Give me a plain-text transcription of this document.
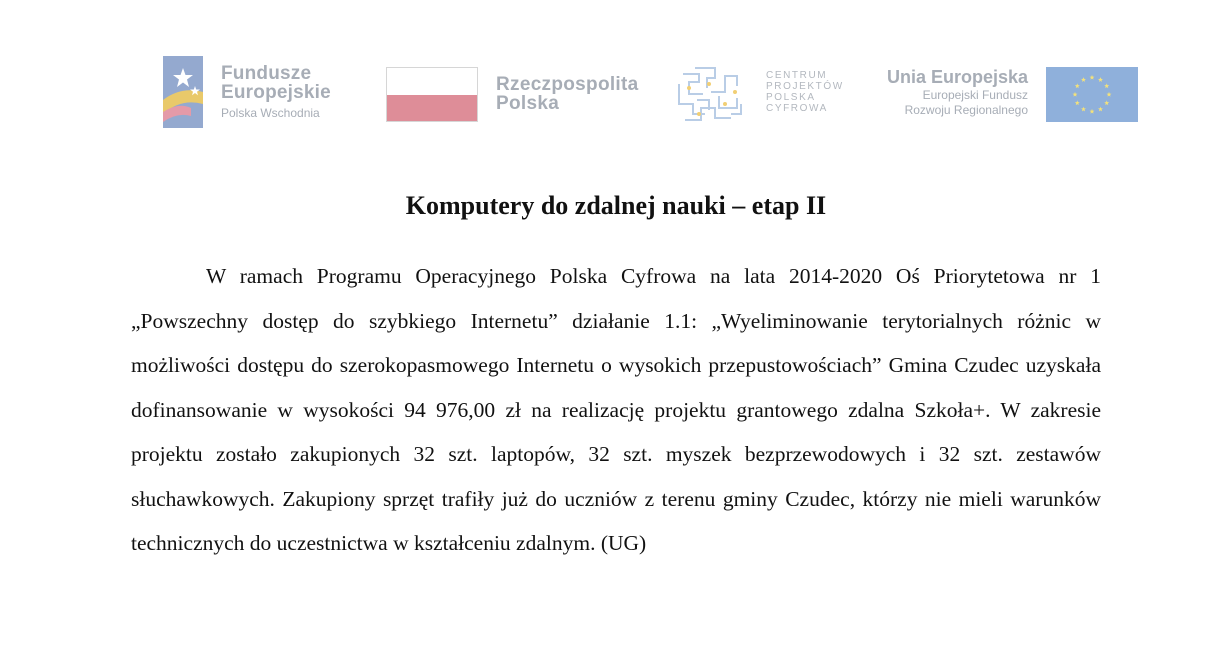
Fundusze
Europejskie
Polska Wschodnia
Rzeczpospolita
Polska
CENTRUM
PROJEKTÓW
POLSKA
CYFROWA
Unia Europejska
Europejski Fundusz
Rozwoju Regionalnego
Komputery do zdalnej nauki – etap II

W ramach Programu Operacyjnego Polska Cyfrowa na lata 2014-2020 Oś Priorytetowa nr 1 „Powszechny dostęp do szybkiego Internetu” działanie 1.1: „Wyeliminowanie terytorialnych różnic w możliwości dostępu do szerokopasmowego Internetu o wysokich przepustowościach” Gmina Czudec uzyskała dofinansowanie w wysokości 94 976,00 zł na realizację projektu grantowego zdalna Szkoła+. W zakresie projektu zostało zakupionych 32 szt. laptopów, 32 szt. myszek bezprzewodowych i 32 szt. zestawów słuchawkowych. Zakupiony sprzęt trafiły już do uczniów z terenu gminy Czudec, którzy nie mieli warunków technicznych do uczestnictwa w kształceniu zdalnym. (UG)
